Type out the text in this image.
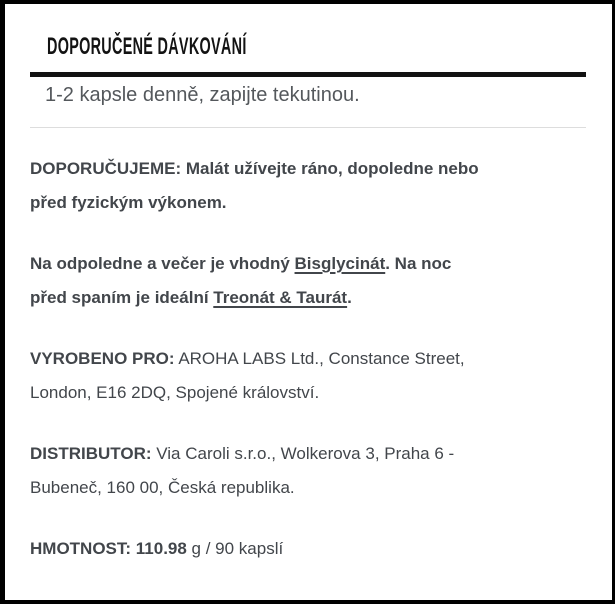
DOPORUČENÉ DÁVKOVÁNÍ
1-2 kapsle denně, zapijte tekutinou.

DOPORUČUJEME: Malát užívejte ráno, dopoledne nebo před fyzickým výkonem.

Na odpoledne a večer je vhodný Bisglycinát. Na noc před spaním je ideální Treonát & Taurát.

VYROBENO PRO: AROHA LABS Ltd., Constance Street, London, E16 2DQ, Spojené království.

DISTRIBUTOR: Via Caroli s.r.o., Wolkerova 3, Praha 6 - Bubeneč, 160 00, Česká republika.

HMOTNOST: 110.98 g / 90 kapslí
